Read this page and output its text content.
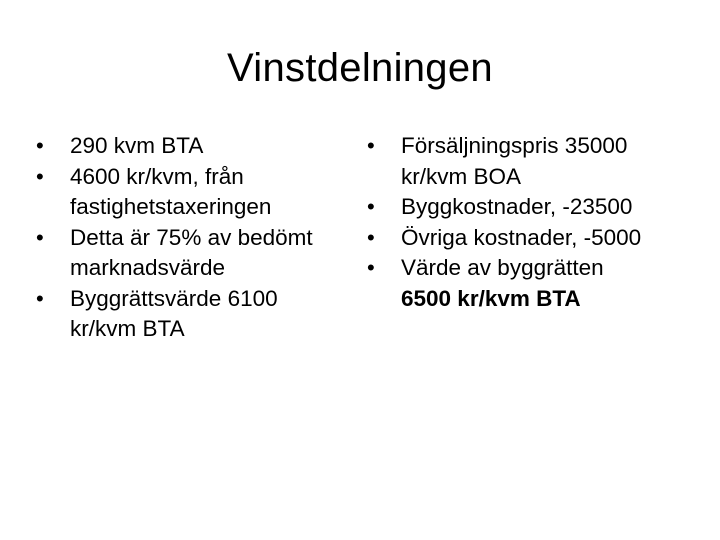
Vinstdelningen
•	290 kvm BTA
•	4600 kr/kvm, från
fastighetstaxeringen
•	Detta är 75% av bedömt
marknadsvärde
•	Byggrättsvärde 6100
kr/kvm BTA
•	Försäljningspris 35000
kr/kvm BOA
•	Byggkostnader, -23500
•	Övriga kostnader, -5000
•	Värde av byggrätten
6500 kr/kvm BTA
